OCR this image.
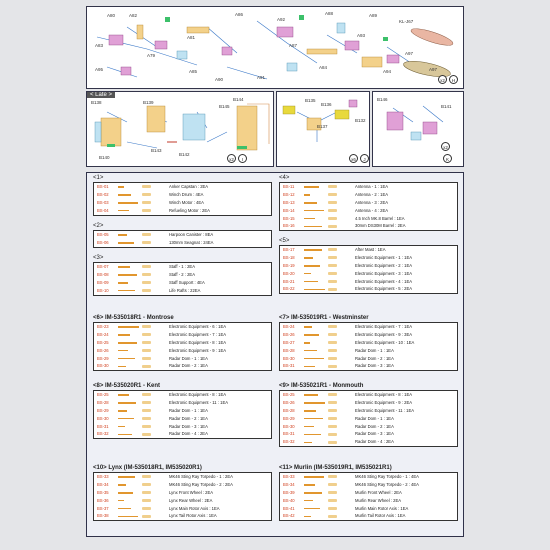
A80	A82
A83
A86
A95
A79
A81
A87
A84
A88
A85
A90	A91
A92
A93
A89
A94
KL-J67
A97
A97
x2	H
< Late >
B138
B140
B139
B145
B144
B143
B142
x2	I
B135
B136
B137
B132
x6	J
B146
B141
x2
K
<1>
BS-01	Anker Capstan : 2EA
BS-02	Winch Drum : 4EA
BS-03	Winch Motor : 4EA
BS-04	Refueling Motor : 2EA
<2>
BS-05	Harpoon Canister : 8EA
BS-06	130mm Seagnat : 24EA
<3>
BS-07	Staff - 1 : 2EA
BS-08	Staff - 2 : 2EA
BS-09	Staff Support : 4EA
BS-10	Life Rafts : 22EA
<4>
BS-11	Antenna - 1 : 1EA
BS-12	Antenna - 2 : 1EA
BS-13	Antenna - 3 : 2EA
BS-14	Antenna - 4 : 2EA
BS-15	4.5 Inch MK.8 Barrel : 1EA
BS-16	30mm DS30M Barrel : 2EA
<5>
BS-17	After Mast : 1EA
BS-18	Electronic Equipment - 1 : 1EA
BS-19	Electronic Equipment - 2 : 1EA
BS-20	Electronic Equipment - 3 : 1EA
BS-21	Electronic Equipment - 4 : 1EA
BS-22	Electronic Equipment - 5 : 2EA
<6> IM-535018R1 - Montrose
BS-23	Electronic Equipment - 6 : 1EA
BS-24	Electronic Equipment - 7 : 1EA
BS-25	Electronic Equipment - 8 : 1EA
BS-26	Electronic Equipment - 9 : 1EA
BS-29	Radar Dom - 1 : 1EA
BS-30	Radar Dom - 2 : 1EA
<7> IM-535019R1 - Westminster
BS-24	Electronic Equipment - 7 : 1EA
BS-26	Electronic Equipment - 9 : 3EA
BS-27	Electronic Equipment - 10 : 1EA
BS-28	Radar Dom - 1 : 1EA
BS-30	Radar Dom - 2 : 1EA
BS-31	Radar Dom - 3 : 1EA
<8> IM-535020R1 - Kent
BS-25	Electronic Equipment - 8 : 1EA
BS-28	Electronic Equipment - 11 : 1EA
BS-29	Radar Dom - 1 : 1EA
BS-30	Radar Dom - 2 : 1EA
BS-31	Radar Dom - 3 : 1EA
BS-32	Radar Dom - 4 : 2EA
<9> IM-535021R1 - Monmouth
BS-25	Electronic Equipment - 8 : 1EA
BS-26	Electronic Equipment - 9 : 2EA
BS-28	Electronic Equipment - 11 : 1EA
BS-29	Radar Dom - 1 : 1EA
BS-30	Radar Dom - 2 : 1EA
BS-31	Radar Dom - 3 : 1EA
BS-32	Radar Dom - 4 : 2EA
<10> Lynx (IM-535018R1, IM535020R1)
BS-33	MK46 Sting Ray Torpedo - 1 : 2EA
BS-34	MK46 Sting Ray Torpedo - 2 : 2EA
BS-35	Lynx Front Wheel : 2EA
BS-36	Lynx Rear Wheel : 2EA
BS-37	Lynx Main Rotor Axis : 1EA
BS-38	Lynx Tail Rotor Axis : 1EA
<11> Murlin (IM-535019R1, IM535021R1)
BS-33	MK46 Sting Ray Torpedo - 1 : 4EA
BS-34	MK46 Sting Ray Torpedo - 2 : 4EA
BS-39	Murlin Front Wheel : 2EA
BS-40	Murlin Rear Wheel : 2EA
BS-41	Murlin Main Rotor Axis : 1EA
BS-42	Murlin Tail Rotor Axis : 1EA
